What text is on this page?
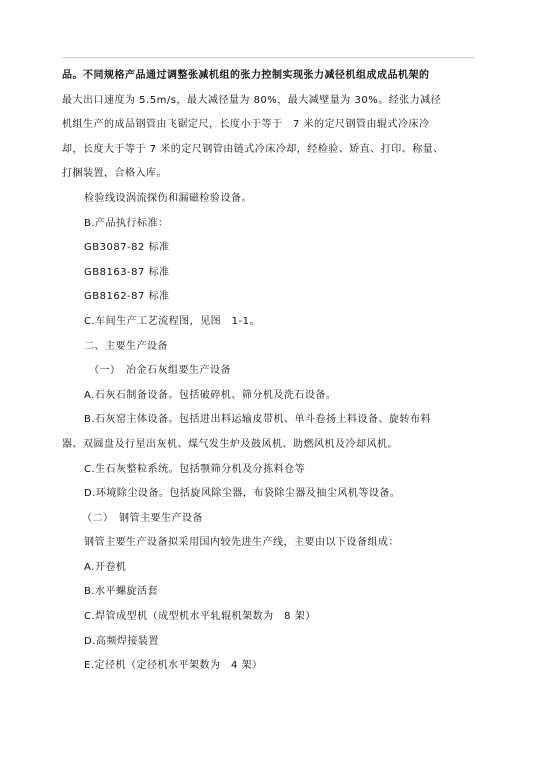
品。不同规格产品通过调整张减机组的张力控制实现张力减径机组成成品机架的
最大出口速度为 5.5m/s，最大减径量为 80%，最大减壁量为 30%。经张力减径
机组生产的成品钢管由飞锯定尺，长度小于等于　7 米的定尺钢管由辊式冷床冷
却，长度大于等于 7 米的定尺钢管由链式冷床冷却，经检验、矫直、打印、称量、
打捆装置，合格入库。
检验线设涡流探伤和漏磁检验设备。
B.产品执行标准：
GB3087-82 标准
GB8163-87 标准
GB8162-87 标准
C.车间生产工艺流程图，见图　1-1。
二、主要生产设备
（一）　冶金石灰组要生产设备
A.石灰石制备设备。包括破碎机、筛分机及洗石设备。
B.石灰窑主体设备。包括进出料运输皮带机、单斗卷扬上料设备、旋转布料
器、双圆盘及行星出灰机、煤气发生炉及鼓风机、助燃风机及冷却风机。
C.生石灰整粒系统。包括颚筛分机及分拣料仓等
D.环境除尘设备。包括旋风除尘器，布袋除尘器及抽尘风机等设备。
（二）　钢管主要生产设备
钢管主要生产设备拟采用国内较先进生产线，主要由以下设备组成：
A.开卷机
B.水平螺旋活套
C.焊管成型机（成型机水平轧辊机架数为　8 架）
D.高频焊接装置
E.定径机（定径机水平架数为　4 架）
